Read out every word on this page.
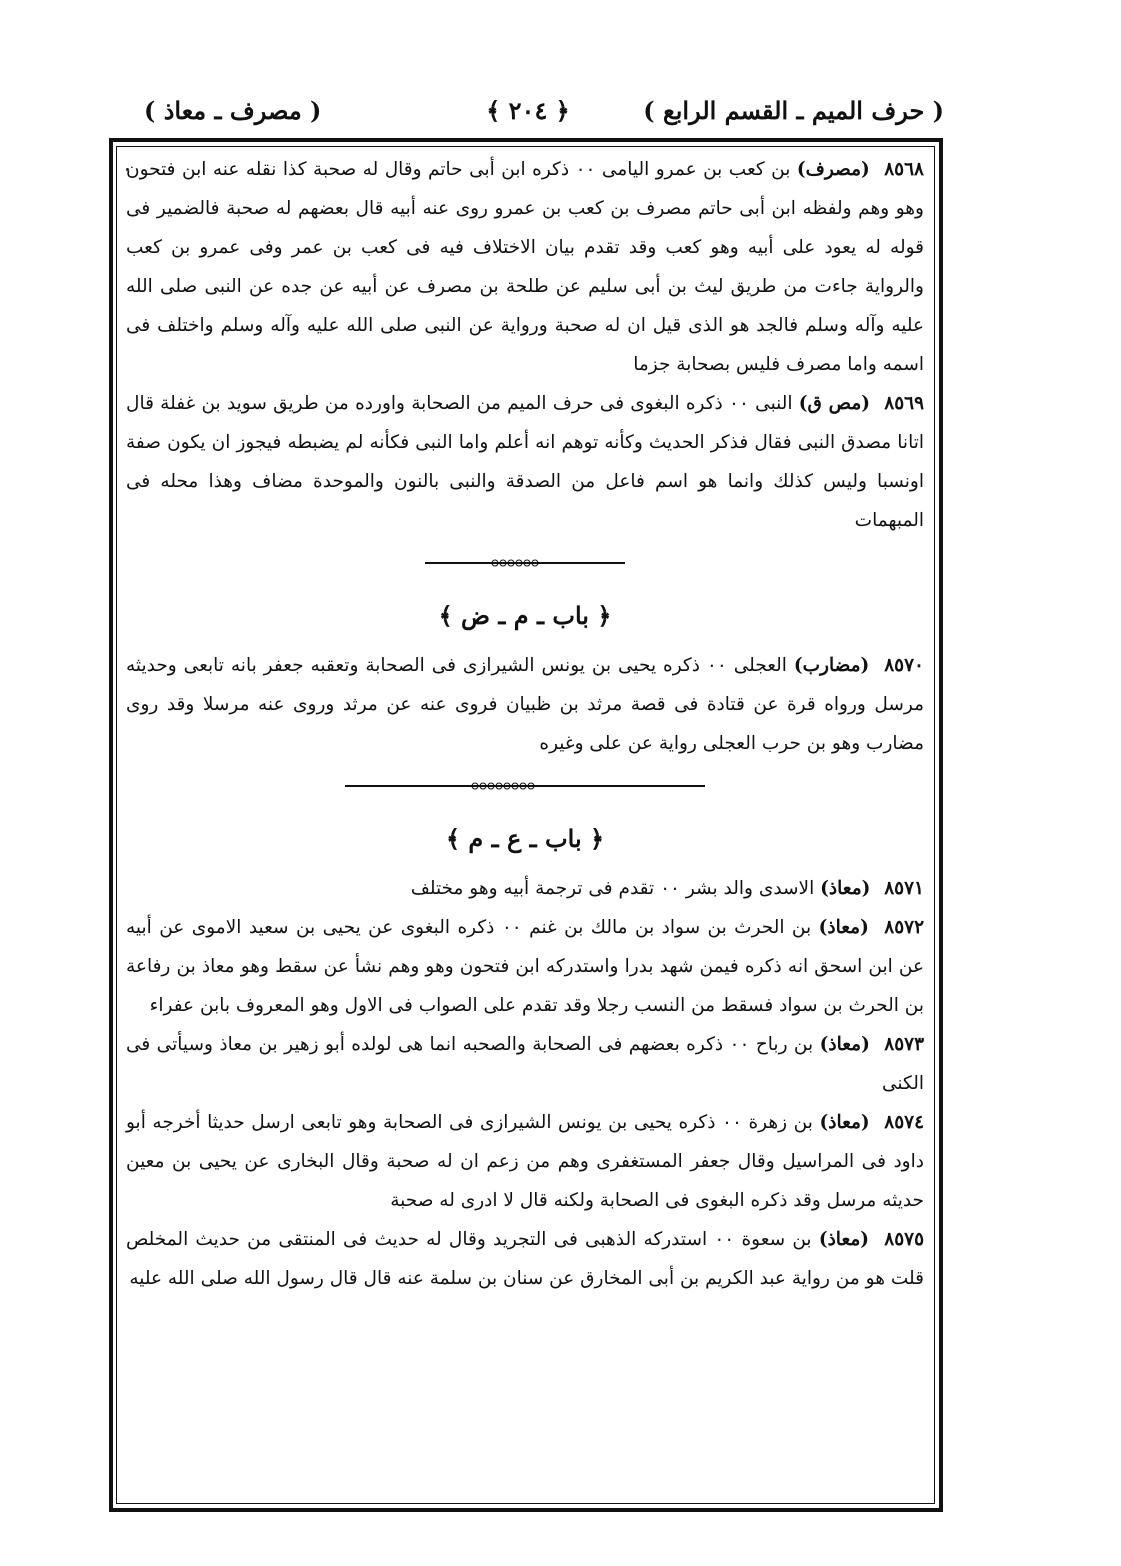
( حرف الميم ـ القسم الرابع )
﴿ ٢٠٤ ﴾
( مصرف ـ معاذ )
٨٥٦٨ (مصرف) بن كعب بن عمرو اليامى ٠٠ ذكره ابن أبى حاتم وقال له صحبة كذا نقله عنه ابن فتحون وهو وهم ولفظه ابن أبى حاتم مصرف بن كعب بن عمرو روى عنه أبيه قال بعضهم له صحبة فالضمير فى قوله له يعود على أبيه وهو كعب وقد تقدم بيان الاختلاف فيه فى كعب بن عمر وفى عمرو بن كعب والرواية جاءت من طريق ليث بن أبى سليم عن طلحة بن مصرف عن أبيه عن جده عن النبى صلى الله عليه وآله وسلم فالجد هو الذى قيل ان له صحبة ورواية عن النبى صلى الله عليه وآله وسلم واختلف فى اسمه واما مصرف فليس بصحابة جزما
٨٥٦٩ (مص ق) النبى ٠٠ ذكره البغوى فى حرف الميم من الصحابة واورده من طريق سويد بن غفلة قال اتانا مصدق النبى فقال فذكر الحديث وكأنه توهم انه أعلم واما النبى فكأنه لم يضبطه فيجوز ان يكون صفة اونسبا وليس كذلك وانما هو اسم فاعل من الصدقة والنبى بالنون والموحدة مضاف وهذا محله فى المبهمات
﴿ باب ـ م ـ ض ﴾
٨٥٧٠ (مضارب) العجلى ٠٠ ذكره يحيى بن يونس الشيرازى فى الصحابة وتعقبه جعفر بانه تابعى وحديثه مرسل ورواه قرة عن قتادة فى قصة مرثد بن ظبيان فروى عنه عن مرثد وروى عنه مرسلا وقد روى مضارب وهو بن حرب العجلى رواية عن على وغيره
﴿ باب ـ ع ـ م ﴾
٨٥٧١ (معاذ) الاسدى والد بشر ٠٠ تقدم فى ترجمة أبيه وهو مختلف
٨٥٧٢ (معاذ) بن الحرث بن سواد بن مالك بن غنم ٠٠ ذكره البغوى عن يحيى بن سعيد الاموى عن أبيه عن ابن اسحق انه ذكره فيمن شهد بدرا واستدركه ابن فتحون وهو وهم نشأ عن سقط وهو معاذ بن رفاعة بن الحرث بن سواد فسقط من النسب رجلا وقد تقدم على الصواب فى الاول وهو المعروف بابن عفراء
٨٥٧٣ (معاذ) بن رباح ٠٠ ذكره بعضهم فى الصحابة والصحبه انما هى لولده أبو زهير بن معاذ وسيأتى فى الكنى
٨٥٧٤ (معاذ) بن زهرة ٠٠ ذكره يحيى بن يونس الشيرازى فى الصحابة وهو تابعى ارسل حديثا أخرجه أبو داود فى المراسيل وقال جعفر المستغفرى وهم من زعم ان له صحبة وقال البخارى عن يحيى بن معين حديثه مرسل وقد ذكره البغوى فى الصحابة ولكنه قال لا ادرى له صحبة
٨٥٧٥ (معاذ) بن سعوة ٠٠ استدركه الذهبى فى التجريد وقال له حديث فى المنتقى من حديث المخلص قلت هو من رواية عبد الكريم بن أبى المخارق عن سنان بن سلمة عنه قال قال رسول الله صلى الله عليه
